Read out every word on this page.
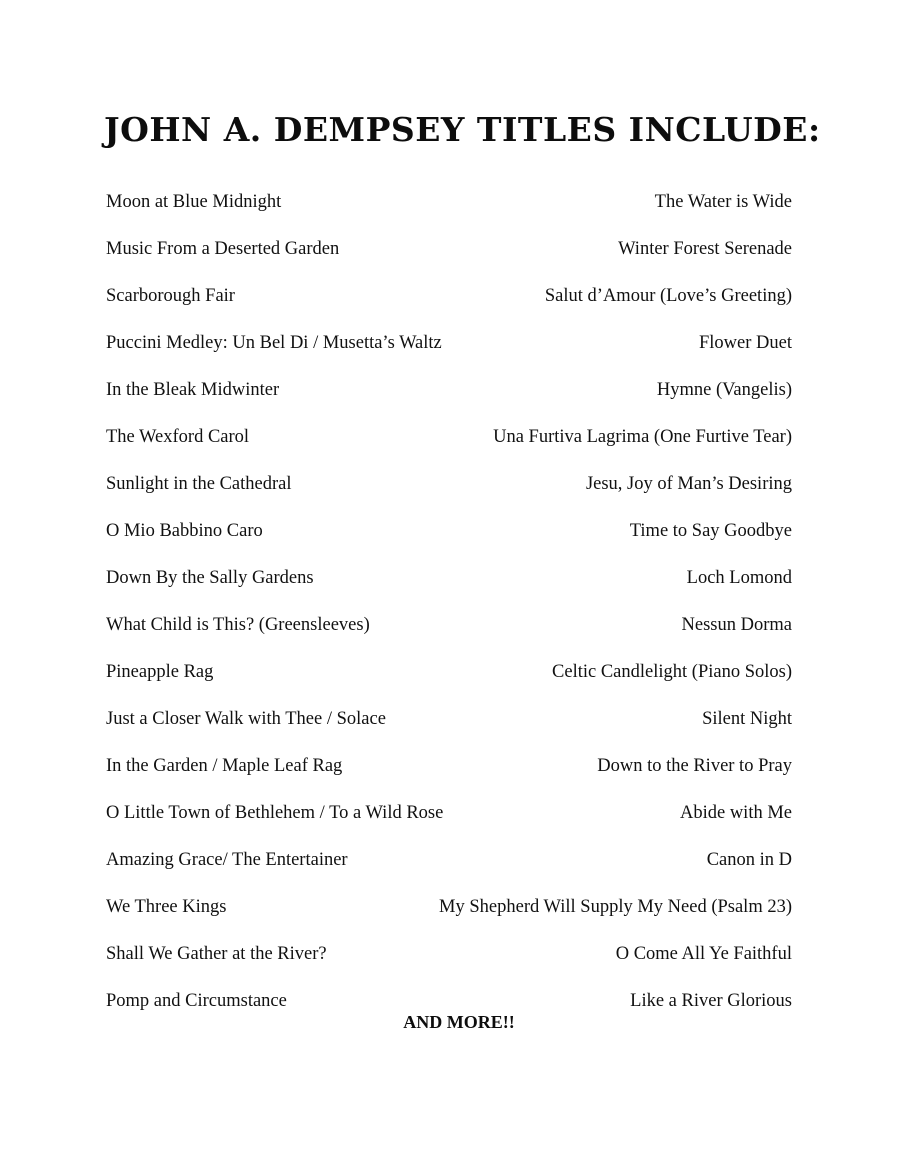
JOHN A. DEMPSEY TITLES INCLUDE:
Moon at Blue Midnight	The Water is Wide
Music From a Deserted Garden	Winter Forest Serenade
Scarborough Fair	Salut d’Amour (Love’s Greeting)
Puccini Medley: Un Bel Di / Musetta’s Waltz	Flower Duet
In the Bleak Midwinter	Hymne (Vangelis)
The Wexford Carol	Una Furtiva Lagrima (One Furtive Tear)
Sunlight in the Cathedral	Jesu, Joy of Man’s Desiring
O Mio Babbino Caro	Time to Say Goodbye
Down By the Sally Gardens	Loch Lomond
What Child is This? (Greensleeves)	Nessun Dorma
Pineapple Rag	Celtic Candlelight (Piano Solos)
Just a Closer Walk with Thee / Solace	Silent Night
In the Garden / Maple Leaf Rag	Down to the River to Pray
O Little Town of Bethlehem / To a Wild Rose	Abide with Me
Amazing Grace/ The Entertainer	Canon in D
We Three Kings	My Shepherd Will Supply My Need (Psalm 23)
Shall We Gather at the River?	O Come All Ye Faithful
Pomp and Circumstance	Like a River Glorious
AND MORE!!
